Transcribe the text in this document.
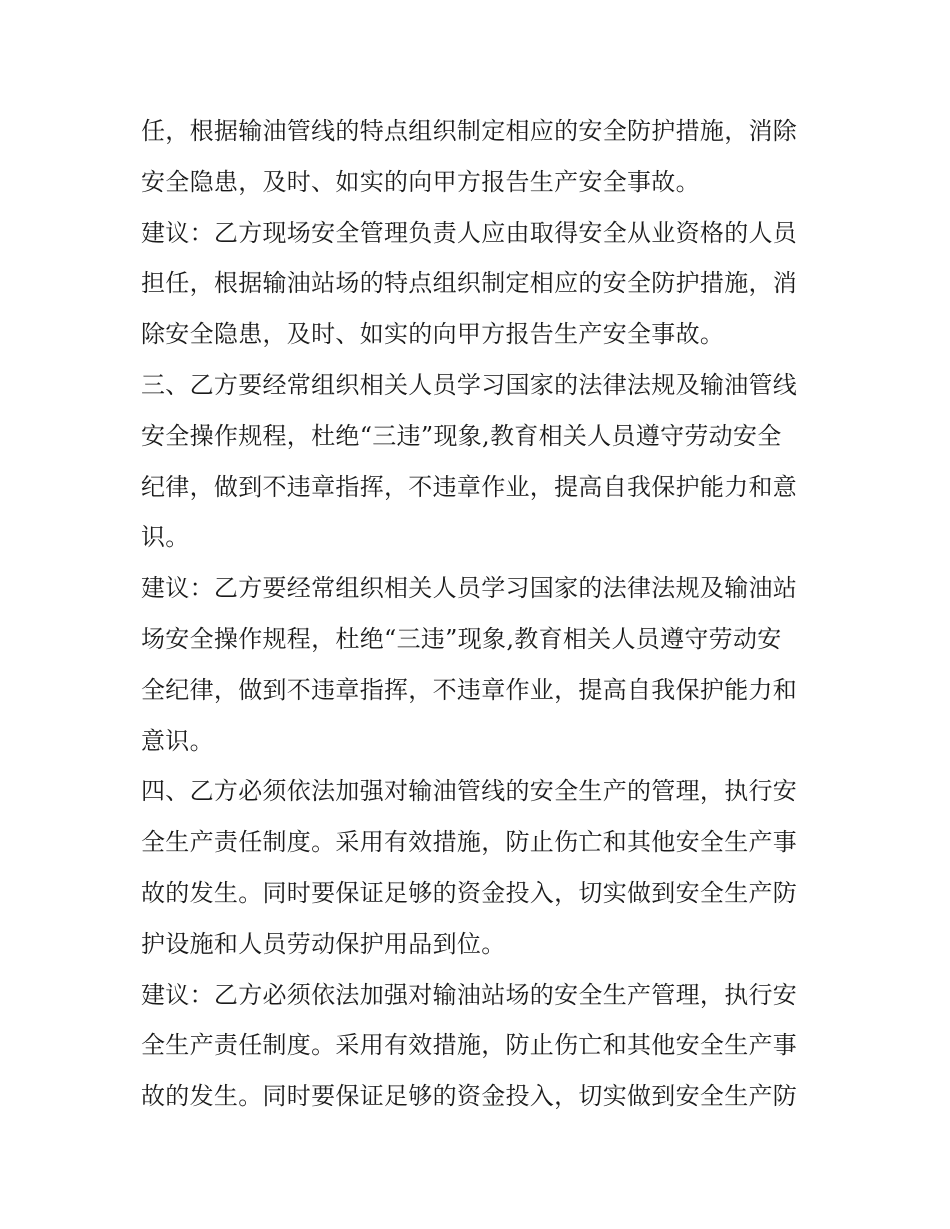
任，根据输油管线的特点组织制定相应的安全防护措施，消除
安全隐患，及时、如实的向甲方报告生产安全事故。
建议：乙方现场安全管理负责人应由取得安全从业资格的人员
担任，根据输油站场的特点组织制定相应的安全防护措施，消
除安全隐患，及时、如实的向甲方报告生产安全事故。
三、乙方要经常组织相关人员学习国家的法律法规及输油管线
安全操作规程，杜绝“三违”现象,教育相关人员遵守劳动安全
纪律，做到不违章指挥，不违章作业，提高自我保护能力和意
识。
建议：乙方要经常组织相关人员学习国家的法律法规及输油站
场安全操作规程，杜绝“三违”现象,教育相关人员遵守劳动安
全纪律，做到不违章指挥，不违章作业，提高自我保护能力和
意识。
四、乙方必须依法加强对输油管线的安全生产的管理，执行安
全生产责任制度。采用有效措施，防止伤亡和其他安全生产事
故的发生。同时要保证足够的资金投入，切实做到安全生产防
护设施和人员劳动保护用品到位。
建议：乙方必须依法加强对输油站场的安全生产管理，执行安
全生产责任制度。采用有效措施，防止伤亡和其他安全生产事
故的发生。同时要保证足够的资金投入，切实做到安全生产防
